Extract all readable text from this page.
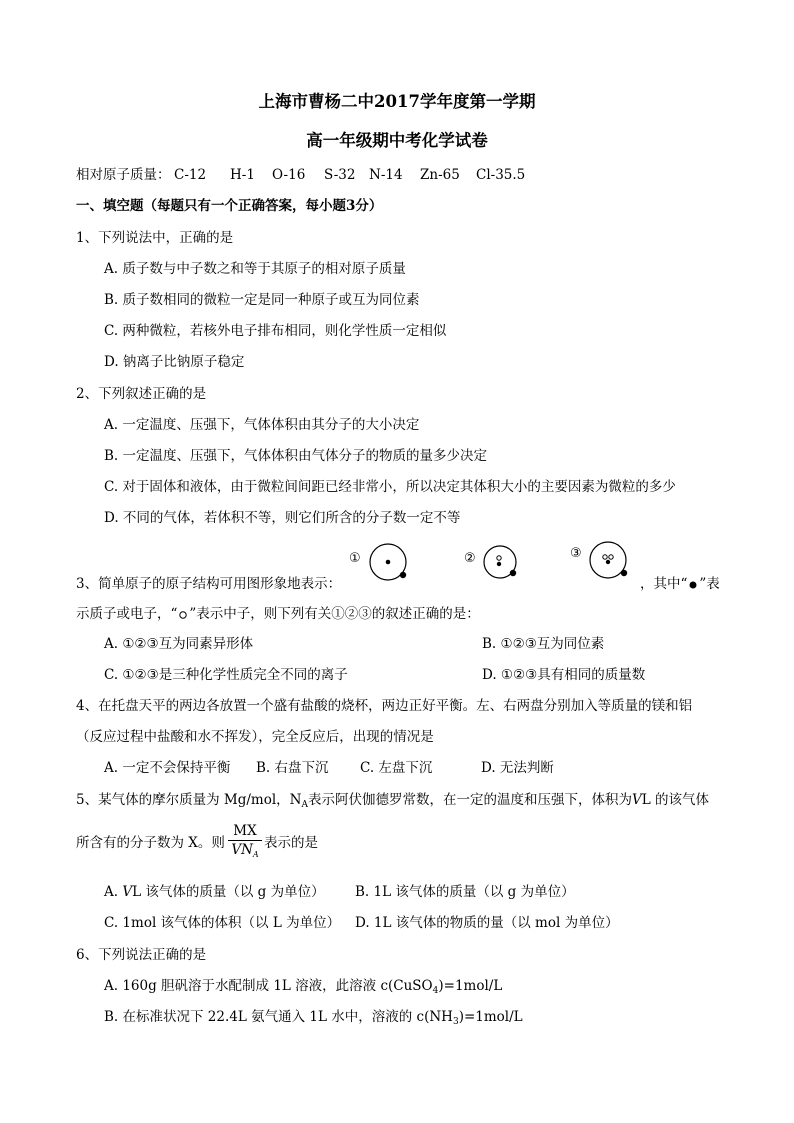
上海市曹杨二中2017学年度第一学期
高一年级期中考化学试卷
相对原子质量： C-12 H-1 O-16 S-32 N-14 Zn-65 Cl-35.5
一、填空题（每题只有一个正确答案，每小题3分）
1、下列说法中，正确的是
A. 质子数与中子数之和等于其原子的相对原子质量
B. 质子数相同的微粒一定是同一种原子或互为同位素
C. 两种微粒，若核外电子排布相同，则化学性质一定相似
D. 钠离子比钠原子稳定
2、下列叙述正确的是
A. 一定温度、压强下，气体体积由其分子的大小决定
B. 一定温度、压强下，气体体积由气体分子的物质的量多少决定
C. 对于固体和液体，由于微粒间间距已经非常小，所以决定其体积大小的主要因素为微粒的多少
D. 不同的气体，若体积不等，则它们所含的分子数一定不等
①	②	③
3、简单原子的原子结构可用图形象地表示：	，其中“ ”表
示质子或电子，“ ”表示中子，则下列有关①②③的叙述正确的是：
A. ①②③互为同素异形体	B. ①②③互为同位素
C. ①②③是三种化学性质完全不同的离子	D. ①②③具有相同的质量数
4、在托盘天平的两边各放置一个盛有盐酸的烧杯，两边正好平衡。左、右两盘分别加入等质量的镁和铝
（反应过程中盐酸和水不挥发），完全反应后，出现的情况是
A. 一定不会保持平衡 B. 右盘下沉 C. 左盘下沉	D. 无法判断
5、某气体的摩尔质量为 Mg/mol，$N_A$表示阿伏伽德罗常数，在一定的温度和压强下，体积为VL 的该气体
所含有的分子数为 X。则
MX
$VN_A$
表示的是
A. VL 该气体的质量（以 g 为单位） B. 1L 该气体的质量（以 g 为单位）
C. 1mol 该气体的体积（以 L 为单位） D. 1L 该气体的物质的量（以 mol 为单位）
6、下列说法正确的是
A. 160g 胆矾溶于水配制成 1L 溶液，此溶液 c(CuSO$_4$)=1mol/L
B. 在标准状况下 22.4L 氨气通入 1L 水中，溶液的 $c(NH_3)=1mol/L$
